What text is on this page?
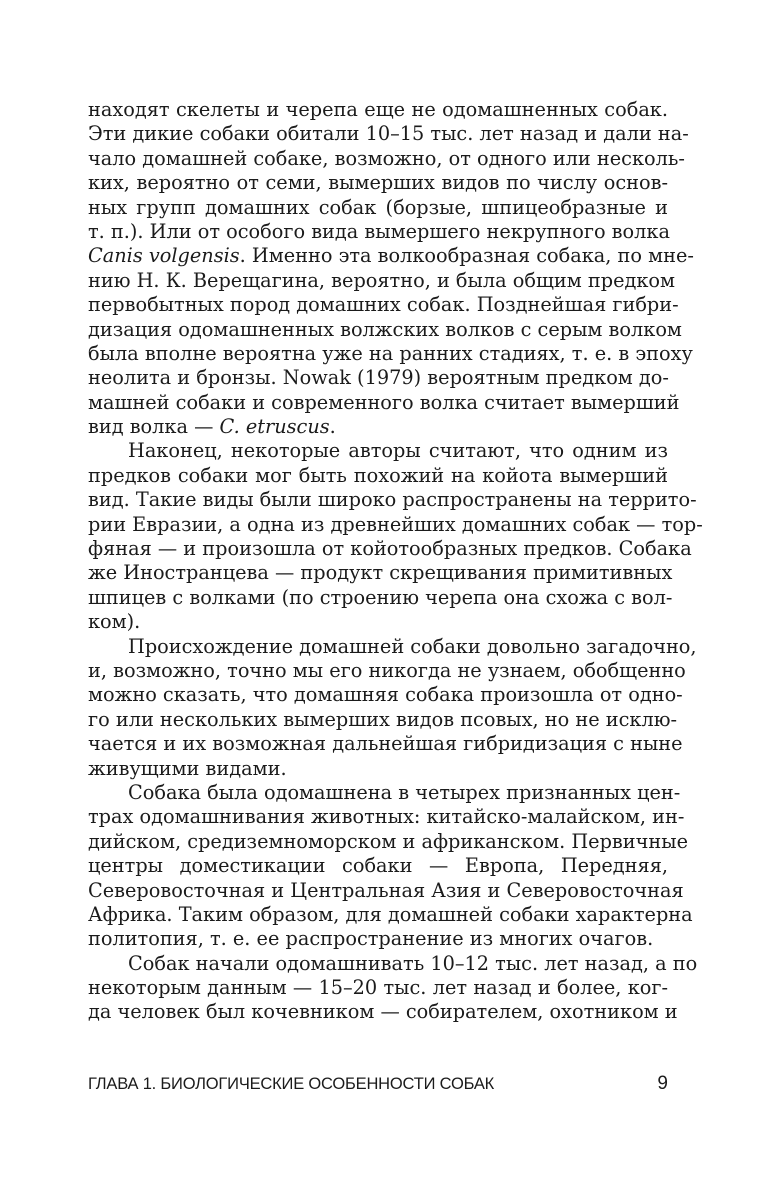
находят скелеты и черепа еще не одомашненных собак.
Эти дикие собаки обитали 10–15 тыс. лет назад и дали на-
чало домашней собаке, возможно, от одного или несколь-
ких, вероятно от семи, вымерших видов по числу основ-
ных групп домашних собак (борзые, шпицеобразные и
т. п.). Или от особого вида вымершего некрупного волка
Canis volgensis. Именно эта волкообразная собака, по мне-
нию Н. К. Верещагина, вероятно, и была общим предком
первобытных пород домашних собак. Позднейшая гибри-
дизация одомашненных волжских волков с серым волком
была вполне вероятна уже на ранних стадиях, т. е. в эпоху
неолита и бронзы. Nowak (1979) вероятным предком до-
машней собаки и современного волка считает вымерший
вид волка — C. etruscus.
Наконец, некоторые авторы считают, что одним из
предков собаки мог быть похожий на койота вымерший
вид. Такие виды были широко распространены на террито-
рии Евразии, а одна из древнейших домашних собак — тор-
фяная — и произошла от койотообразных предков. Собака
же Иностранцева — продукт скрещивания примитивных
шпицев с волками (по строению черепа она схожа с вол-
ком).
Происхождение домашней собаки довольно загадочно,
и, возможно, точно мы его никогда не узнаем, обобщенно
можно сказать, что домашняя собака произошла от одно-
го или нескольких вымерших видов псовых, но не исклю-
чается и их возможная дальнейшая гибридизация с ныне
живущими видами.
Собака была одомашнена в четырех признанных цен-
трах одомашнивания животных: китайско-малайском, ин-
дийском, средиземноморском и африканском. Первичные
центры доместикации собаки — Европа, Передняя,
Северовосточная и Центральная Азия и Северовосточная
Африка. Таким образом, для домашней собаки характерна
политопия, т. е. ее распространение из многих очагов.
Собак начали одомашнивать 10–12 тыс. лет назад, а по
некоторым данным — 15–20 тыс. лет назад и более, ког-
да человек был кочевником — собирателем, охотником и
ГЛАВА 1. БИОЛОГИЧЕСКИЕ ОСОБЕННОСТИ СОБАК	9
